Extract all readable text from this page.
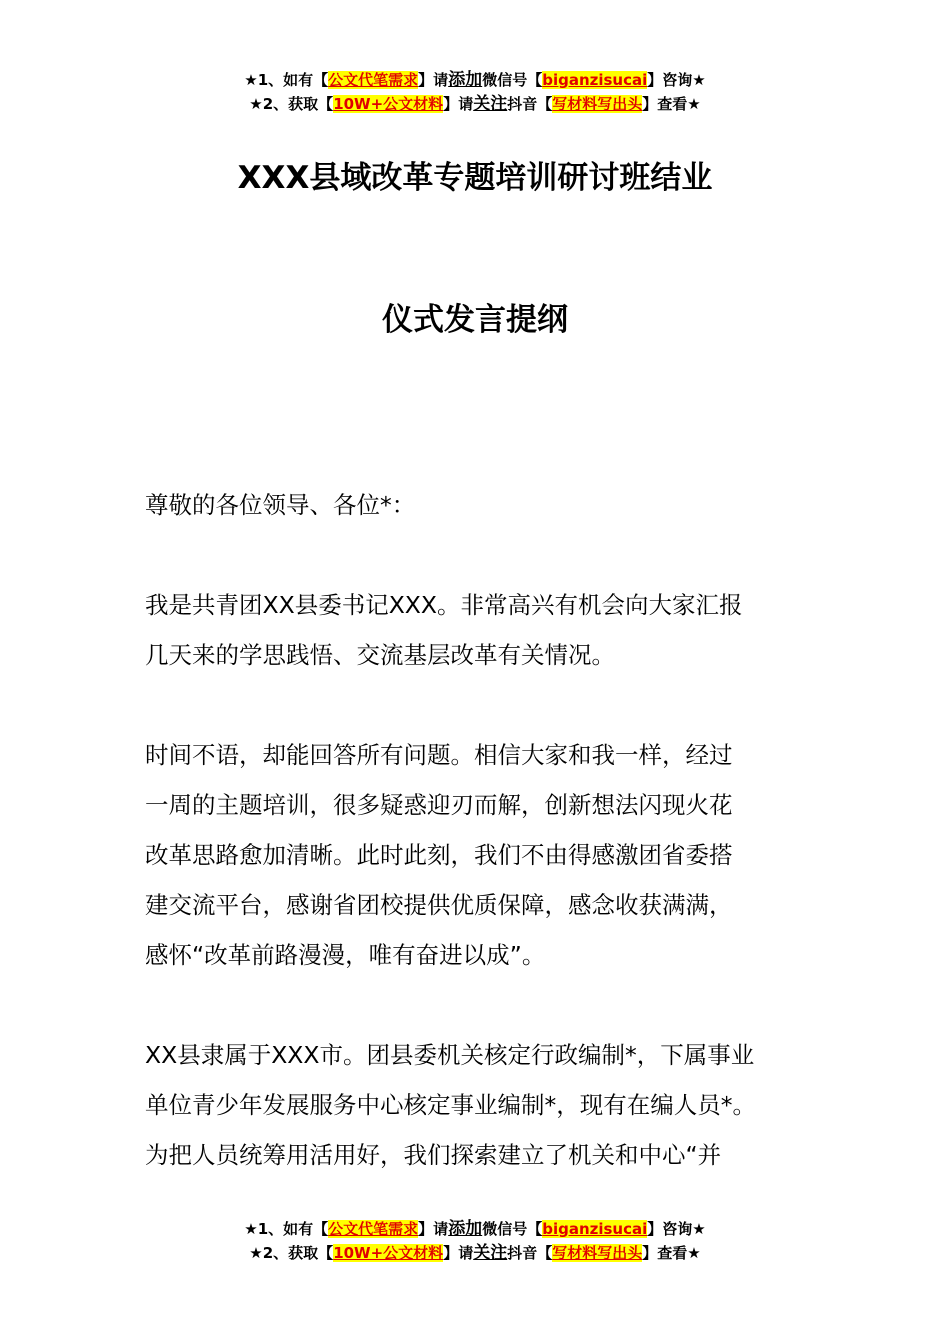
★1、如有【公文代笔需求】请添加微信号【biganzisucai】咨询★
★2、获取【10W+公文材料】请关注抖音【写材料写出头】查看★
XXX县域改革专题培训研讨班结业
仪式发言提纲
尊敬的各位领导、各位*：
我是共青团XX县委书记XXX。非常高兴有机会向大家汇报
几天来的学思践悟、交流基层改革有关情况。
时间不语，却能回答所有问题。相信大家和我一样，经过
一周的主题培训，很多疑惑迎刃而解，创新想法闪现火花
改革思路愈加清晰。此时此刻，我们不由得感激团省委搭
建交流平台，感谢省团校提供优质保障，感念收获满满，
感怀“改革前路漫漫，唯有奋进以成”。
XX县隶属于XXX市。团县委机关核定行政编制*，下属事业
单位青少年发展服务中心核定事业编制*，现有在编人员*。
为把人员统筹用活用好，我们探索建立了机关和中心“并
★1、如有【公文代笔需求】请添加微信号【biganzisucai】咨询★
★2、获取【10W+公文材料】请关注抖音【写材料写出头】查看★
